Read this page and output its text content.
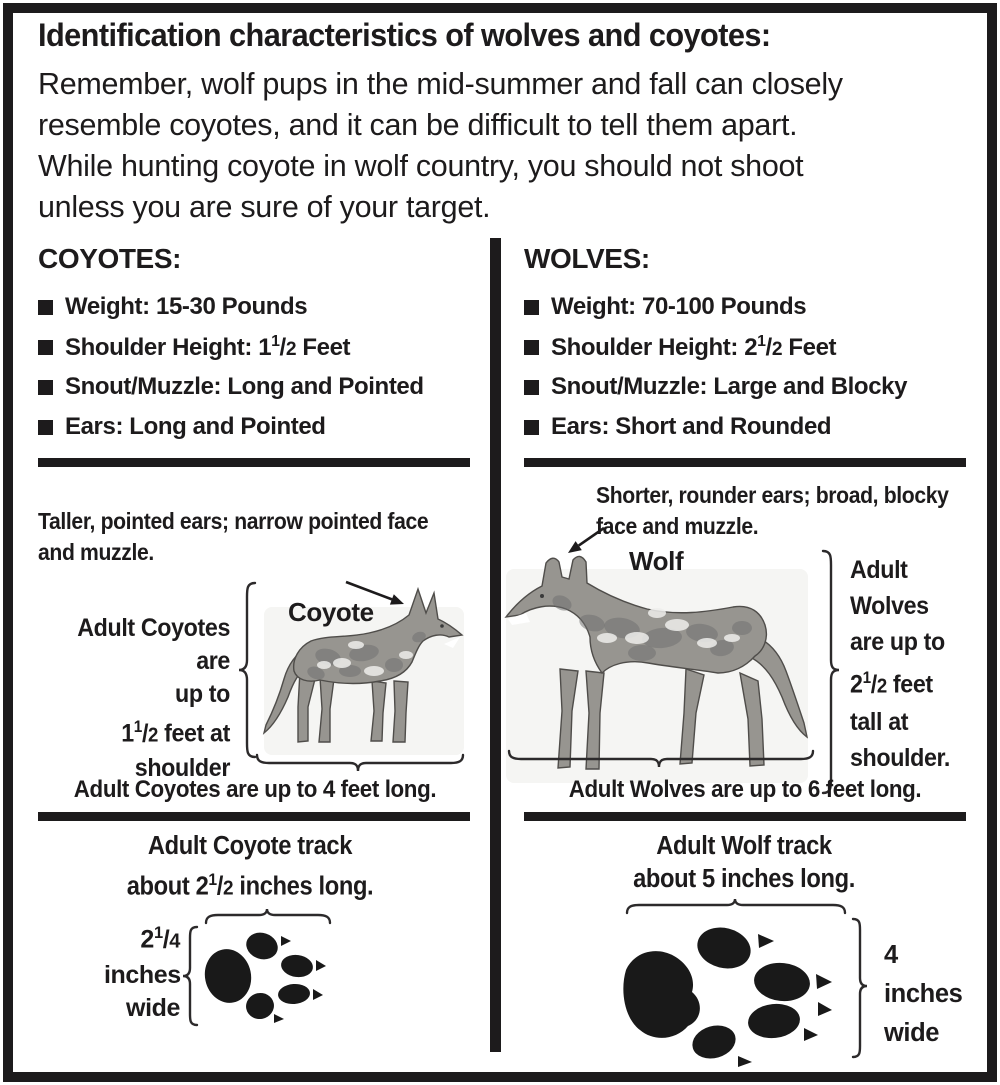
Identification characteristics of wolves and coyotes:
Remember, wolf pups in the mid-summer and fall can closely
resemble coyotes, and it can be difficult to tell them apart.
While hunting coyote in wolf country, you should not shoot
unless you are sure of your target.
COYOTES:
Weight: 15-30 Pounds
Shoulder Height: $1^1/2$ Feet
Snout/Muzzle: Long and Pointed
Ears: Long and Pointed
Taller, pointed ears; narrow pointed face
and muzzle.
Adult Coyotes are
up to
$1^1/2$ feet at
shoulder
Coyote
Adult Coyotes are up to 4 feet long.
Adult Coyote track
about $2^1/2$ inches long.
$2^1/4$
inches
wide
WOLVES:
Weight: 70-100 Pounds
Shoulder Height: $2^1/2$ Feet
Snout/Muzzle: Large and Blocky
Ears: Short and Rounded
Shorter, rounder ears; broad, blocky
face and muzzle.
Wolf	Adult
Wolves
are up to
$2^1/2$ feet
tall at
shoulder.
Adult Wolves are up to 6 feet long.
Adult Wolf track
about 5 inches long.
4
inches
wide
